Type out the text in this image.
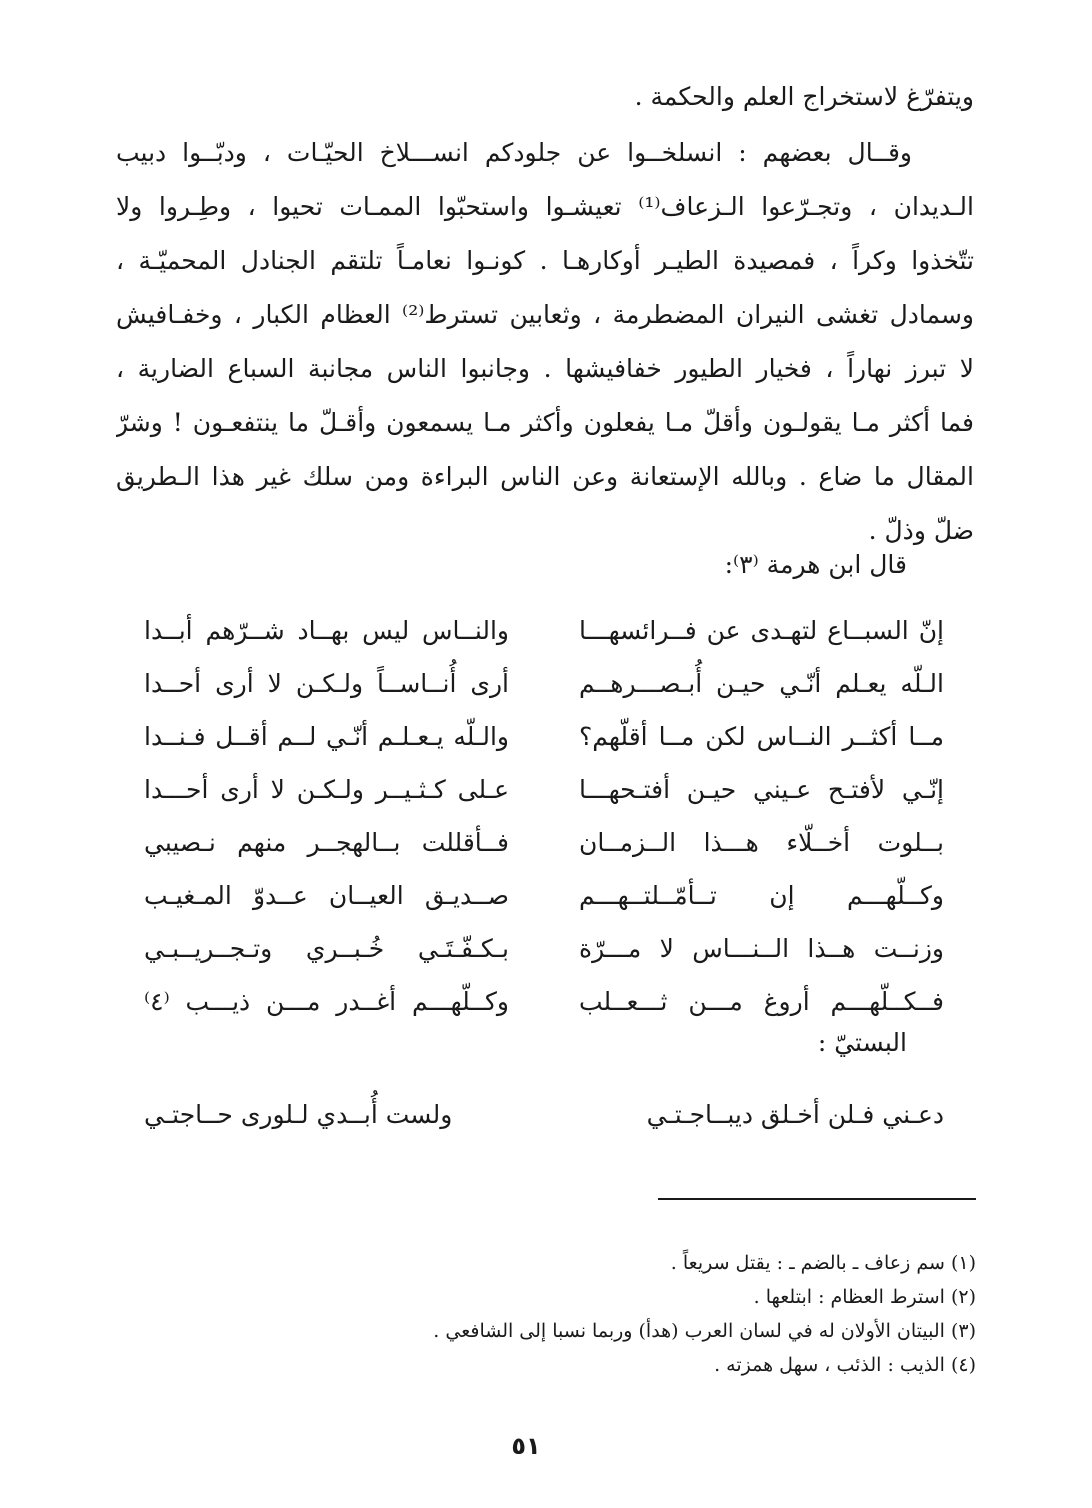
ويتفرّغ لاستخراج العلم والحكمة .
وقــال بعضهم : انسلخــوا عن جلودكم انســـلاخ الحيّـات ، ودبّــوا دبيب
الـديدان ، وتجـرّعوا الـزعاف⁽¹⁾ تعيشـوا واستحبّوا الممـات تحيوا ، وطِـروا ولا
تتّخذوا وكراً ، فمصيدة الطيـر أوكارهـا . كونـوا نعامـاً تلتقم الجنادل المحميّـة ،
وسمادل تغشى النيران المضطرمة ، وثعابين تسترط⁽²⁾ العظام الكبار ، وخفـافيش
لا تبرز نهاراً ، فخيار الطيور خفافيشها . وجانبوا الناس مجانبة السباع الضارية ،
فما أكثر مـا يقولـون وأقلّ مـا يفعلون وأكثر مـا يسمعون وأقـلّ ما ينتفعـون ! وشرّ
المقال ما ضاع . وبالله الإستعانة وعن الناس البراءة ومن سلك غير هذا الـطريق
ضلّ وذلّ .
قال ابن هرمة ⁽٣⁾:
إنّ السبــاع لتهـدى عن فــرائسهـــا
والنــاس ليس بهــاد شــرّهم أبــدا
الـلّه يعـلم أنّـي حيـن أُبـصـــرهــم
أرى أُنــاســاً ولـكـن لا أرى أحــدا
مــا أكثــر النــاس لكن مــا أقلّهم؟
والـلّه يـعـلـم أنّـي لــم أقــل فـنــدا
إنّـي لأفتـح عـيني حيـن أفتـحهـــا
عـلى كـثـيــر ولـكـن لا أرى أحـــدا
بــلوت أخــلّاء هـــذا الــزمــان
فــأقللت بــالهجــر منهم نـصيبي
وكــلّهـــم إن تــأمّــلتــهـــم
صــديـق العيــان عــدوّ المـغيـب
وزنــت هــذا الــنـــاس لا مـــرّة
بـكـفّـتَـي خُـبــري وتـجــريــبـي
فــكــلّهـــم أروغ مـــن ثـــعــلب
وكــلّهـــم أغــدر مـــن ذيـــب ⁽٤⁾
البستيّ :
دعـني فـلن أخـلق ديبــاجـتـي
ولست أُبــدي لـلورى حــاجتـي
(١) سم زعاف ـ بالضم ـ : يقتل سريعاً .
(٢) استرط العظام : ابتلعها .
(٣) البيتان الأولان له في لسان العرب (هدأ) وربما نسبا إلى الشافعي .
(٤) الذيب : الذئب ، سهل همزته .
٥١
